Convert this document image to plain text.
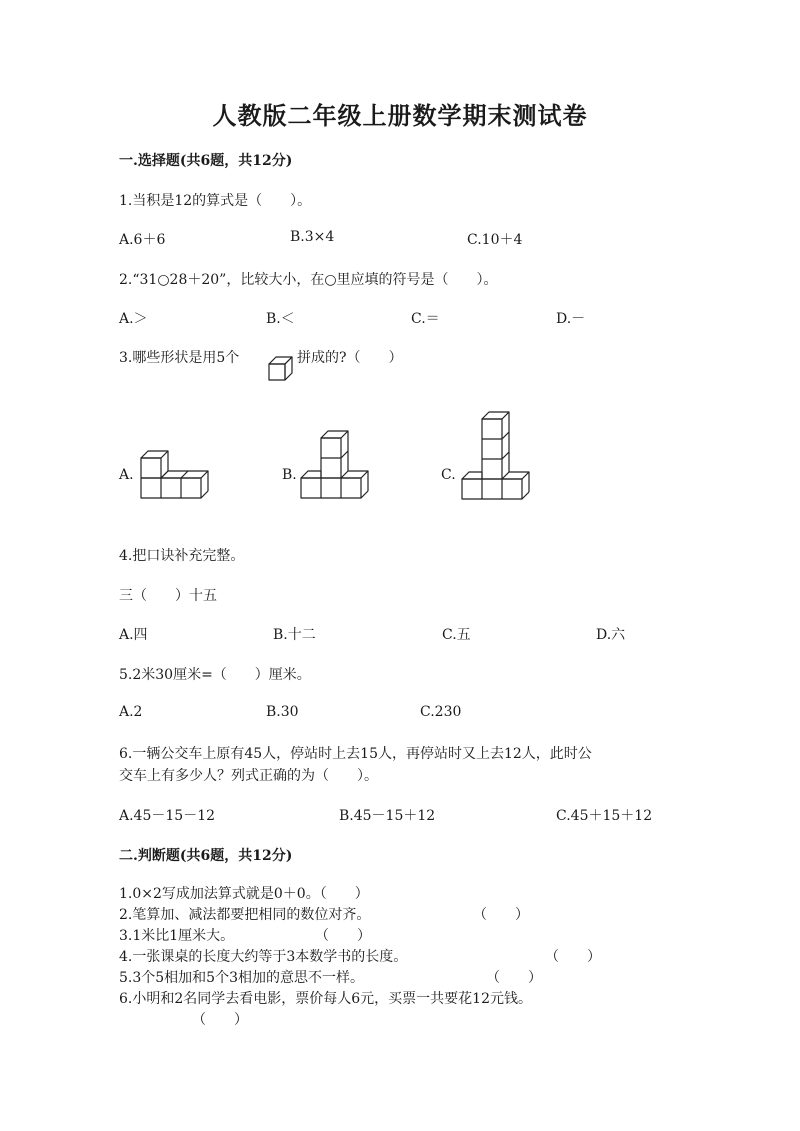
人教版二年级上册数学期末测试卷
一.选择题(共6题，共12分)
1.当积是12的算式是（　　）。
A.6＋6	B.3×4	C.10＋4
2.“31○28＋20”，比较大小，在○里应填的符号是（　　）。
A.＞	B.＜	C.＝	D.－
3.哪些形状是用5个	拼成的?（　　）
A.	B.	C.
4.把口诀补充完整。
三（　　）十五
A.四	B.十二	C.五	D.六
5.2米30厘米=（　　）厘米。
A.2	B.30	C.230
6.一辆公交车上原有45人，停站时上去15人，再停站时又上去12人，此时公
交车上有多少人？列式正确的为（　　）。
A.45－15－12	B.45－15＋12	C.45＋15＋12
二.判断题(共6题，共12分)
1.0×2写成加法算式就是0＋0。（　　）
2.笔算加、减法都要把相同的数位对齐。	（　　）
3.1米比1厘米大。	（　　）
4.一张课桌的长度大约等于3本数学书的长度。	（　　）
5.3个5相加和5个3相加的意思不一样。	（　　）
6.小明和2名同学去看电影，票价每人6元，买票一共要花12元钱。
（　　）
